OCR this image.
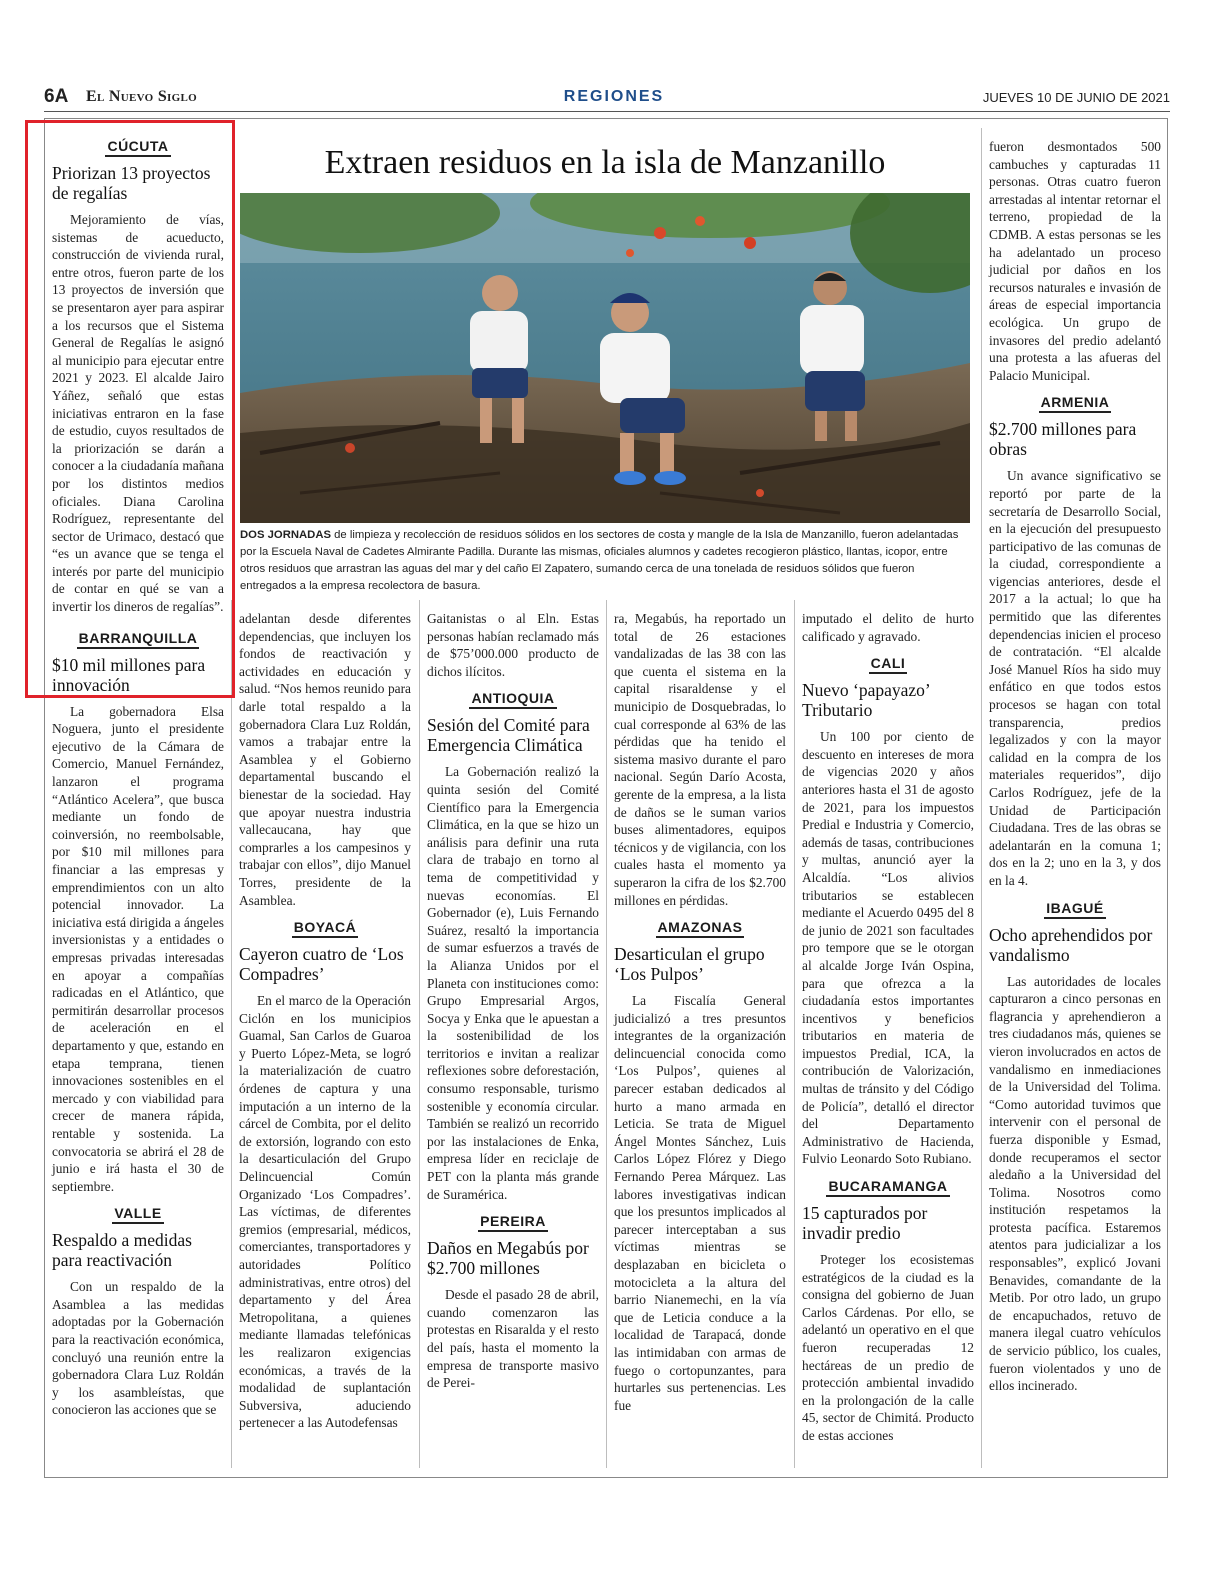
6A El Nuevo Siglo	REGIONES	JUEVES 10 DE JUNIO DE 2021
Extraen residuos en la isla de Manzanillo
DOS JORNADAS de limpieza y recolección de residuos sólidos en los sectores de costa y mangle de la Isla de Manzanillo, fueron adelantadas por la Escuela Naval de Cadetes Almirante Padilla. Durante las mismas, oficiales alumnos y cadetes recogieron plástico, llantas, icopor, entre otros residuos que arrastran las aguas del mar y del caño El Zapatero, sumando cerca de una tonelada de residuos sólidos que fueron entregados a la empresa recolectora de basura.
CÚCUTA
Priorizan 13 proyectos de regalías

Mejoramiento de vías, sistemas de acueducto, construcción de vivienda rural, entre otros, fueron parte de los 13 proyectos de inversión que se presentaron ayer para aspirar a los recursos que el Sistema General de Regalías le asignó al municipio para ejecutar entre 2021 y 2023. El alcalde Jairo Yáñez, señaló que estas iniciativas entraron en la fase de estudio, cuyos resultados de la priorización se darán a conocer a la ciudadanía mañana por los distintos medios oficiales. Diana Carolina Rodríguez, representante del sector de Urimaco, destacó que “es un avance que se tenga el interés por parte del municipio de contar en qué se van a invertir los dineros de regalías”.

BARRANQUILLA
$10 mil millones para innovación

La gobernadora Elsa Noguera, junto el presidente ejecutivo de la Cámara de Comercio, Manuel Fernández, lanzaron el programa “Atlántico Acelera”, que busca mediante un fondo de coinversión, no reembolsable, por $10 mil millones para financiar a las empresas y emprendimientos con un alto potencial innovador. La iniciativa está dirigida a ángeles inversionistas y a entidades o empresas privadas interesadas en apoyar a compañías radicadas en el Atlántico, que permitirán desarrollar procesos de aceleración en el departamento y que, estando en etapa temprana, tienen innovaciones sostenibles en el mercado y con viabilidad para crecer de manera rápida, rentable y sostenida. La convocatoria se abrirá el 28 de junio e irá hasta el 30 de septiembre.

VALLE
Respaldo a medidas para reactivación

Con un respaldo de la Asamblea a las medidas adoptadas por la Gobernación para la reactivación económica, concluyó una reunión entre la gobernadora Clara Luz Roldán y los asambleístas, que conocieron las acciones que se

adelantan desde diferentes dependencias, que incluyen los fondos de reactivación y actividades en educación y salud. “Nos hemos reunido para darle total respaldo a la gobernadora Clara Luz Roldán, vamos a trabajar entre la Asamblea y el Gobierno departamental buscando el bienestar de la sociedad. Hay que apoyar nuestra industria vallecaucana, hay que comprarles a los campesinos y trabajar con ellos”, dijo Manuel Torres, presidente de la Asamblea.

BOYACÁ
Cayeron cuatro de ‘Los Compadres’

En el marco de la Operación Ciclón en los municipios Guamal, San Carlos de Guaroa y Puerto López-Meta, se logró la materialización de cuatro órdenes de captura y una imputación a un interno de la cárcel de Combita, por el delito de extorsión, logrando con esto la desarticulación del Grupo Delincuencial Común Organizado ‘Los Compadres’. Las víctimas, de diferentes gremios (empresarial, médicos, comerciantes, transportadores y autoridades Político administrativas, entre otros) del departamento y del Área Metropolitana, a quienes mediante llamadas telefónicas les realizaron exigencias económicas, a través de la modalidad de suplantación Subversiva, aduciendo pertenecer a las Autodefensas

Gaitanistas o al Eln. Estas personas habían reclamado más de $75’000.000 producto de dichos ilícitos.

ANTIOQUIA
Sesión del Comité para Emergencia Climática

La Gobernación realizó la quinta sesión del Comité Científico para la Emergencia Climática, en la que se hizo un análisis para definir una ruta clara de trabajo en torno al tema de competitividad y nuevas economías. El Gobernador (e), Luis Fernando Suárez, resaltó la importancia de sumar esfuerzos a través de la Alianza Unidos por el Planeta con instituciones como: Grupo Empresarial Argos, Socya y Enka que le apuestan a la sostenibilidad de los territorios e invitan a realizar reflexiones sobre deforestación, consumo responsable, turismo sostenible y economía circular. También se realizó un recorrido por las instalaciones de Enka, empresa líder en reciclaje de PET con la planta más grande de Suramérica.

PEREIRA
Daños en Megabús por $2.700 millones

Desde el pasado 28 de abril, cuando comenzaron las protestas en Risaralda y el resto del país, hasta el momento la empresa de transporte masivo de Perei-

ra, Megabús, ha reportado un total de 26 estaciones vandalizadas de las 38 con las que cuenta el sistema en la capital risaraldense y el municipio de Dosquebradas, lo cual corresponde al 63% de las pérdidas que ha tenido el sistema masivo durante el paro nacional. Según Darío Acosta, gerente de la empresa, a la lista de daños se le suman varios buses alimentadores, equipos técnicos y de vigilancia, con los cuales hasta el momento ya superaron la cifra de los $2.700 millones en pérdidas.

AMAZONAS
Desarticulan el grupo ‘Los Pulpos’

La Fiscalía General judicializó a tres presuntos integrantes de la organización delincuencial conocida como ‘Los Pulpos’, quienes al parecer estaban dedicados al hurto a mano armada en Leticia. Se trata de Miguel Ángel Montes Sánchez, Luis Carlos López Flórez y Diego Fernando Perea Márquez. Las labores investigativas indican que los presuntos implicados al parecer interceptaban a sus víctimas mientras se desplazaban en bicicleta o motocicleta a la altura del barrio Nianemechi, en la vía que de Leticia conduce a la localidad de Tarapacá, donde las intimidaban con armas de fuego o cortopunzantes, para hurtarles sus pertenencias. Les fue

imputado el delito de hurto calificado y agravado.

CALI
Nuevo ‘papayazo’ Tributario

Un 100 por ciento de descuento en intereses de mora de vigencias 2020 y años anteriores hasta el 31 de agosto de 2021, para los impuestos Predial e Industria y Comercio, además de tasas, contribuciones y multas, anunció ayer la Alcaldía. “Los alivios tributarios se establecen mediante el Acuerdo 0495 del 8 de junio de 2021 son facultades pro tempore que se le otorgan al alcalde Jorge Iván Ospina, para que ofrezca a la ciudadanía estos importantes incentivos y beneficios tributarios en materia de impuestos Predial, ICA, la contribución de Valorización, multas de tránsito y del Código de Policía”, detalló el director del Departamento Administrativo de Hacienda, Fulvio Leonardo Soto Rubiano.

BUCARAMANGA
15 capturados por invadir predio

Proteger los ecosistemas estratégicos de la ciudad es la consigna del gobierno de Juan Carlos Cárdenas. Por ello, se adelantó un operativo en el que fueron recuperadas 12 hectáreas de un predio de protección ambiental invadido en la prolongación de la calle 45, sector de Chimitá. Producto de estas acciones

fueron desmontados 500 cambuches y capturadas 11 personas. Otras cuatro fueron arrestadas al intentar retornar el terreno, propiedad de la CDMB. A estas personas se les ha adelantado un proceso judicial por daños en los recursos naturales e invasión de áreas de especial importancia ecológica. Un grupo de invasores del predio adelantó una protesta a las afueras del Palacio Municipal.

ARMENIA
$2.700 millones para obras

Un avance significativo se reportó por parte de la secretaría de Desarrollo Social, en la ejecución del presupuesto participativo de las comunas de la ciudad, correspondiente a vigencias anteriores, desde el 2017 a la actual; lo que ha permitido que las diferentes dependencias inicien el proceso de contratación. “El alcalde José Manuel Ríos ha sido muy enfático en que todos estos procesos se hagan con total transparencia, predios legalizados y con la mayor calidad en la compra de los materiales requeridos”, dijo Carlos Rodríguez, jefe de la Unidad de Participación Ciudadana. Tres de las obras se adelantarán en la comuna 1; dos en la 2; uno en la 3, y dos en la 4.

IBAGUÉ
Ocho aprehendidos por vandalismo

Las autoridades de locales capturaron a cinco personas en flagrancia y aprehendieron a tres ciudadanos más, quienes se vieron involucrados en actos de vandalismo en inmediaciones de la Universidad del Tolima. “Como autoridad tuvimos que intervenir con el personal de fuerza disponible y Esmad, donde recuperamos el sector aledaño a la Universidad del Tolima. Nosotros como institución respetamos la protesta pacífica. Estaremos atentos para judicializar a los responsables”, explicó Jovani Benavides, comandante de la Metib. Por otro lado, un grupo de encapuchados, retuvo de manera ilegal cuatro vehículos de servicio público, los cuales, fueron violentados y uno de ellos incinerado.
